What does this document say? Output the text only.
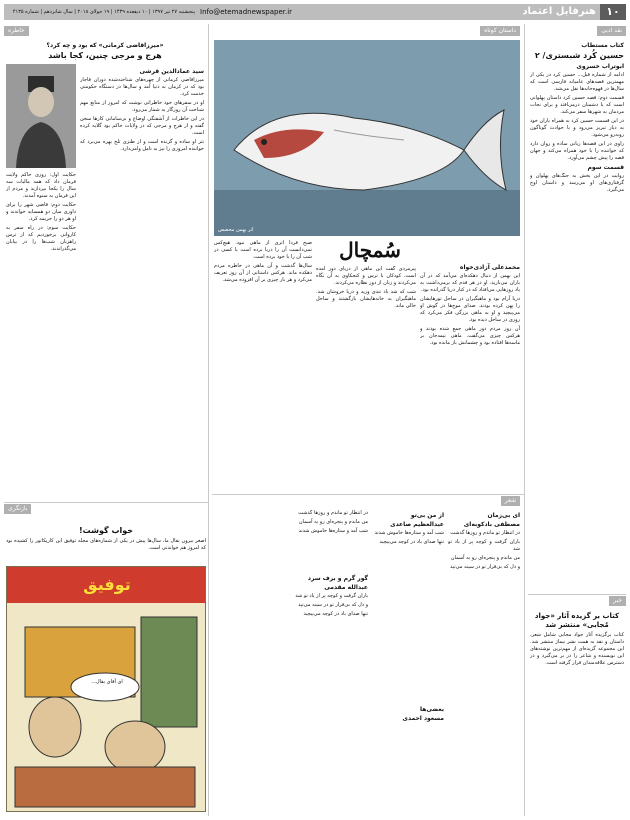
۱۰
هنرفابل اعتماد
Info@etemadnewspaper.ir
پنجشنبه ۲۷ تیر ۱۳۹۷ | ۱۰ ذیقعده ۱۴۳۹ | ۱۹ جولای ۲۰۱۸ | سال شانزدهم | شماره ۴۱۳۵
نقد ادبی
داستان کوتاه
خاطره
شعر
خبر
بازنگری
کتاب مستطاب
حسین کُرد شبستری/ ۲
ابوتراب خسروی

ادامه از شماره قبل... حسین کرد در یکی از مهمترین قصه‌های عامیانه فارسی است که سال‌ها در قهوه‌خانه‌ها نقل می‌شد.

قسمت دوم: قصه حسین کرد داستان پهلوانی است که با دشمنان درمی‌افتد و برای نجات مردمان به شهرها سفر می‌کند.

در این قسمت حسین کرد به همراه یاران خود به دیار تبریز می‌رود و با حوادث گوناگون روبه‌رو می‌شود.

راوی در این قصه‌ها زبانی ساده و روان دارد که خواننده را با خود همراه می‌کند و جهان قصه را پیش چشم می‌آورد.

قسمت سوم

روایت در این بخش به جنگ‌های پهلوان و گرفتاری‌های او می‌رسد و داستان اوج می‌گیرد.

کتاب بر گزیده آثار «جواد مُجابی» منتشر شد

کتاب برگزیده آثار جواد مجابی شامل شعر، داستان و نقد به همت نشر نیماژ منتشر شد. این مجموعه گزیده‌ای از مهم‌ترین نوشته‌های این نویسنده و شاعر را در بر می‌گیرد و در دسترس علاقه‌مندان قرار گرفته است.

اثر بهمن محصص
سُمچال
محمدعلی آزادی‌خواه

این بهمن از دنبال دهکده‌ای می‌آمد که در آن باران می‌بارید. او در هر قدم که برمی‌داشت به یاد روزهایی می‌افتاد که در کنار دریا گذرانده بود.

دریا آرام بود و ماهیگیران در ساحل تورهایشان را پهن کرده بودند. صدای موج‌ها در گوش او می‌پیچید و او به ماهی بزرگی فکر می‌کرد که روزی در ساحل دیده بود.

آن روز مردم دور ماهی جمع شده بودند و هرکس چیزی می‌گفت. ماهی نیمه‌جان بر ماسه‌ها افتاده بود و چشمانش باز مانده بود.

پیرمردی گفت این ماهی از دریای دور آمده است. کودکان با ترس و کنجکاوی به آن نگاه می‌کردند و زنان از دور نظاره می‌کردند.

شب که شد باد تندی وزید و دریا خروشان شد. ماهیگیران به خانه‌هایشان بازگشتند و ساحل خالی ماند.

صبح فردا اثری از ماهی نبود. هیچ‌کس نمی‌دانست آن را دریا برده است یا کسی در شب آن را با خود برده است.

سال‌ها گذشت و آن ماهی در خاطره مردم دهکده ماند. هرکس داستانی از آن روز تعریف می‌کرد و هر بار چیزی بر آن افزوده می‌شد.

ای بی‌زمان
مصطفی بادکوبه‌ای

در انتظار تو ماندم و روزها گذشت

باران گرفت و کوچه پر از یاد تو شد

من ماندم و پنجره‌ای رو به آسمان

و دل که بی‌قرار تو در سینه می‌تپد

از من بی‌تو
عبدالعظیم صاعدی

شب آمد و ستاره‌ها خاموش شدند

تنها صدای باد در کوچه می‌پیچید

بعضی‌ها
مسعود احمدی

در انتظار تو ماندم و روزها گذشت

من ماندم و پنجره‌ای رو به آسمان

شب آمد و ستاره‌ها خاموش شدند

گور گرم و برف سرد
عبدالله مقدمی

باران گرفت و کوچه پر از یاد تو شد

و دل که بی‌قرار تو در سینه می‌تپد

تنها صدای باد در کوچه می‌پیچید

«میرزاقاضی کرمانی» که بود و چه کرد؟
هرج و مرجی چنین، کجا باشد
سید عمادالدین قرشی

میرزاقاضی کرمانی از چهره‌های شناخته‌شده دوران قاجار بود که در کرمان به دنیا آمد و سال‌ها در دستگاه حکومتی خدمت کرد.

او در سفرهای خود خاطراتی نوشت که امروز از منابع مهم شناخت آن روزگار به شمار می‌رود.

در این خاطرات از آشفتگی اوضاع و بی‌سامانی کارها سخن گفته و از هرج و مرجی که در ولایات حاکم بود گلایه کرده است.

نثر او ساده و گزنده است و از طنزی تلخ بهره می‌برد که خواننده امروزی را نیز به تامل وامی‌دارد.

حکایت اول: روزی حاکم ولایت فرمان داد که همه مالیات سه سال را یکجا بپردازند و مردم از این فرمان به ستوه آمدند.

حکایت دوم: قاضی شهر را برای داوری میان دو همسایه خواندند و او هر دو را جریمه کرد.

حکایت سوم: در راه سفر به کاروانی برخوردیم که از ترس راهزنان شب‌ها را در بیابان می‌گذراندند.

خواب گوشت!
اصغر بیرون بقال ما، سال‌ها پیش در یکی از شماره‌های مجله توفیق این کاریکاتور را کشیده بود که امروز هم خواندنی است.
توفیق
ای آقای بقال...
